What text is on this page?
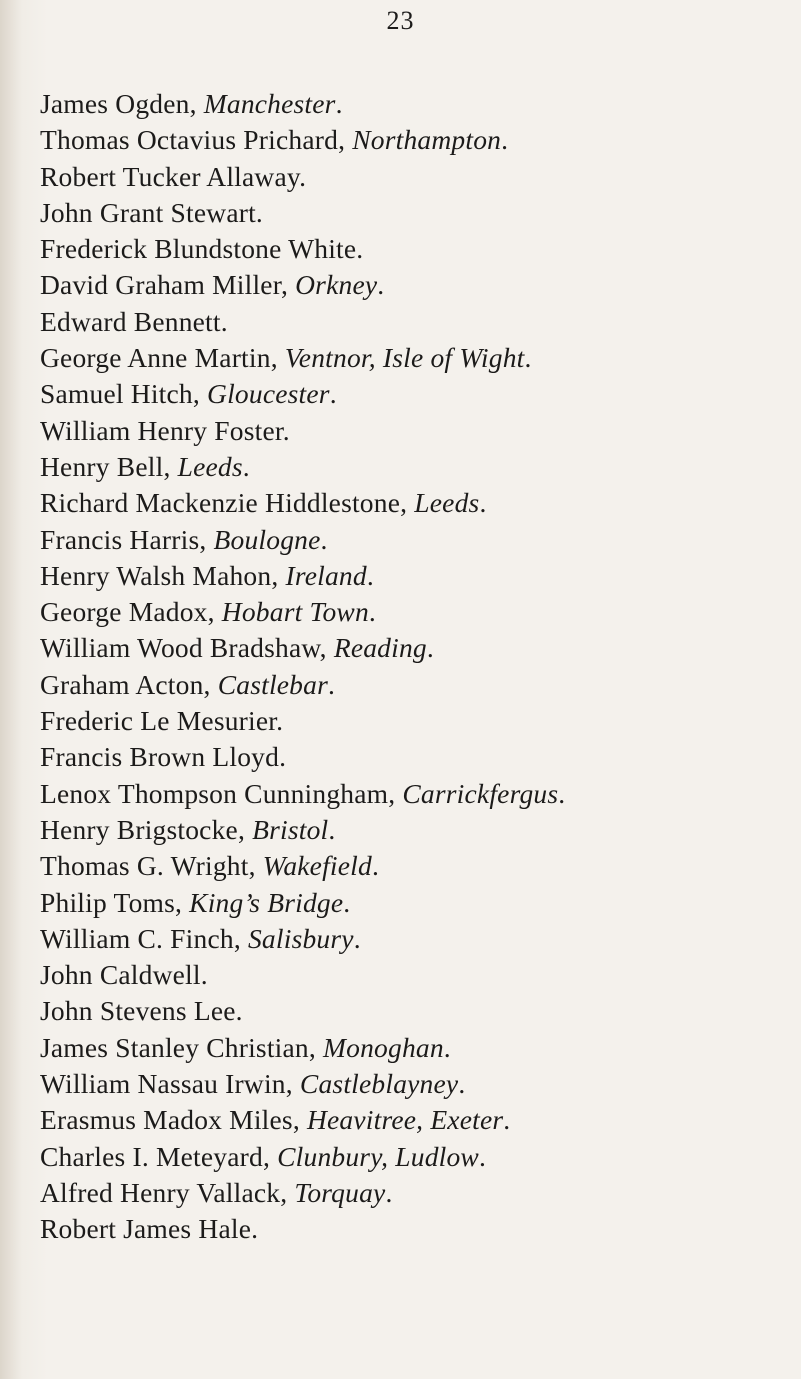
23
James Ogden, Manchester.
Thomas Octavius Prichard, Northampton.
Robert Tucker Allaway.
John Grant Stewart.
Frederick Blundstone White.
David Graham Miller, Orkney.
Edward Bennett.
George Anne Martin, Ventnor, Isle of Wight.
Samuel Hitch, Gloucester.
William Henry Foster.
Henry Bell, Leeds.
Richard Mackenzie Hiddlestone, Leeds.
Francis Harris, Boulogne.
Henry Walsh Mahon, Ireland.
George Madox, Hobart Town.
William Wood Bradshaw, Reading.
Graham Acton, Castlebar.
Frederic Le Mesurier.
Francis Brown Lloyd.
Lenox Thompson Cunningham, Carrickfergus.
Henry Brigstocke, Bristol.
Thomas G. Wright, Wakefield.
Philip Toms, King’s Bridge.
William C. Finch, Salisbury.
John Caldwell.
John Stevens Lee.
James Stanley Christian, Monoghan.
William Nassau Irwin, Castleblayney.
Erasmus Madox Miles, Heavitree, Exeter.
Charles I. Meteyard, Clunbury, Ludlow.
Alfred Henry Vallack, Torquay.
Robert James Hale.
